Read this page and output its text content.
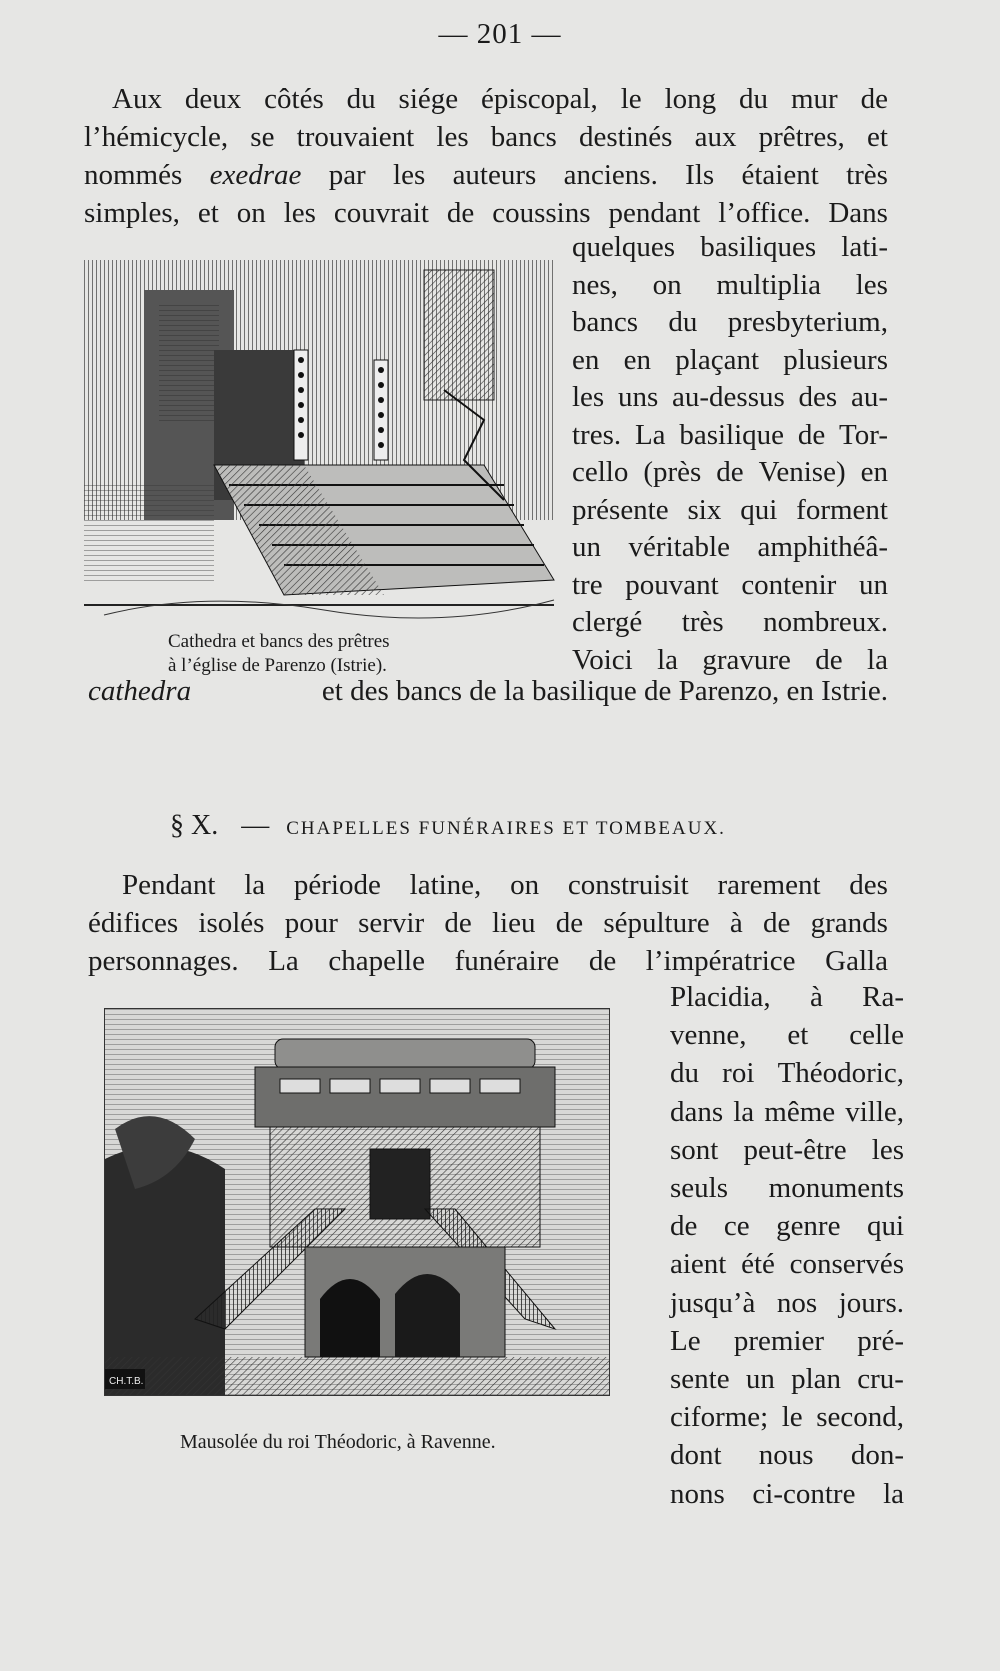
— 201 —
Aux deux côtés du siége épiscopal, le long du mur de
l’hémicycle, se trouvaient les bancs destinés aux prêtres, et
nommés exedrae par les auteurs anciens. Ils étaient très
simples, et on les couvrait de coussins pendant l’office. Dans
quelques basiliques lati-
nes, on multiplia les
bancs du presbyterium,
en en plaçant plusieurs
les uns au-dessus des au-
tres. La basilique de Tor-
cello (près de Venise) en
présente six qui forment
un véritable amphithéâ-
tre pouvant contenir un
clergé très nombreux.
Voici la gravure de la
Cathedra et bancs des prêtres
à l’église de Parenzo (Istrie).
cathedra	et des bancs de la basilique de Parenzo, en Istrie.
§ X. — CHAPELLES FUNÉRAIRES ET TOMBEAUX.
Pendant la période latine, on construisit rarement des
édifices isolés pour servir de lieu de sépulture à de grands
personnages. La chapelle funéraire de l’impératrice Galla
CH.T.B.
Mausolée du roi Théodoric, à Ravenne.
Placidia, à Ra-
venne, et celle
du roi Théodoric,
dans la même ville,
sont peut-être les
seuls monuments
de ce genre qui
aient été conservés
jusqu’à nos jours.
Le premier pré-
sente un plan cru-
ciforme; le second,
dont nous don-
nons ci-contre la
